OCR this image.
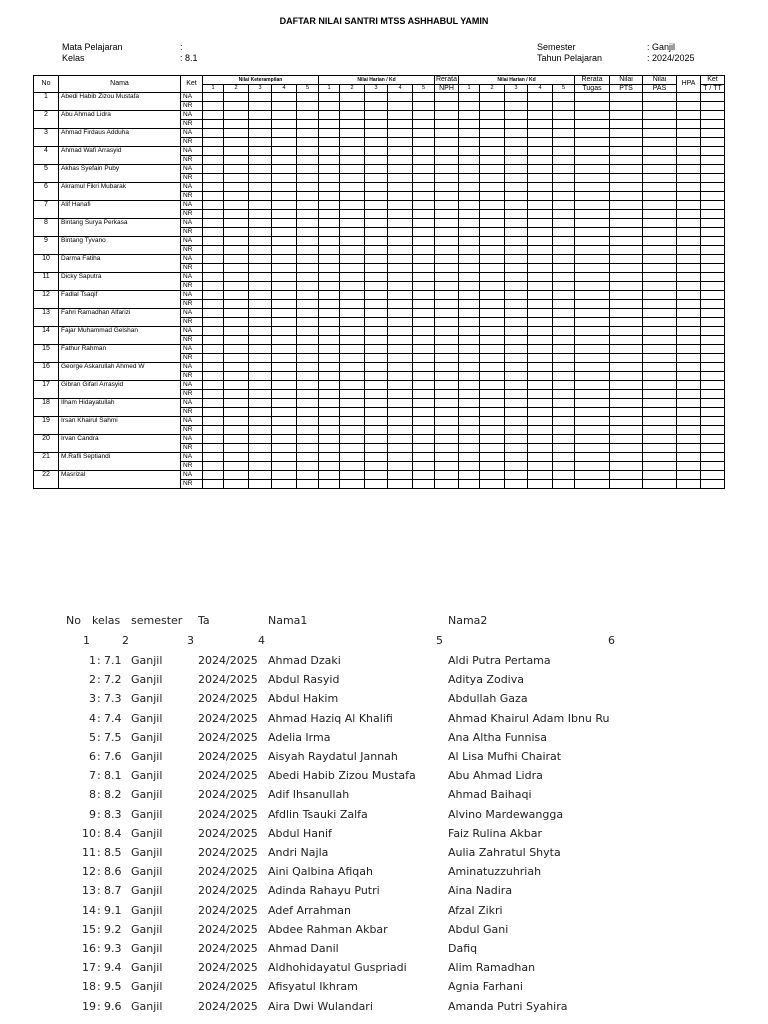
DAFTAR NILAI SANTRI MTSS ASHHABUL YAMIN
Mata Pelajaran	:
Kelas	: 8.1
Semester	: Ganjil
Tahun Pelajaran	: 2024/2025
No	Nama	Ket	Nilai Keterampilan					Nilai Harian / Kd					Rerata	Nilai Harian / Kd					Rerata	Nilai	Nilai	HPA	Ket
			1	2	3	4	5	1	2	3	4	5	NPH	1	2	3	4	5	Tugas	PTS	PAS		T / TT
1	Abedi Habib Zizou Mustafa	NA																					
		NR																					
2	Abu Ahmad Lidra	NA																					
		NR																					
3	Ahmad Firdaus Adduha	NA																					
		NR																					
4	Ahmad Wafi Arrasyid	NA																					
		NR																					
5	Akhas Syefain Puby	NA																					
		NR																					
6	Akramul Fikri Mubarak	NA																					
		NR																					
7	Alif Hanafi	NA																					
		NR																					
8	Bintang Surya Perkasa	NA																					
		NR																					
9	Bintang Tyvano	NA																					
		NR																					
10	Darma Fatiha	NA																					
		NR																					
11	Dicky Saputra	NA																					
		NR																					
12	Fadlal Tsaqif	NA																					
		NR																					
13	Fahri Ramadhan Alfarizi	NA																					
		NR																					
14	Fajar Muhammad Gelshan	NA																					
		NR																					
15	Fathur Rahman	NA																					
		NR																					
16	George Askarullah Ahmed W	NA																					
		NR																					
17	Gibran Gifari Arrasyid	NA																					
		NR																					
18	Ilham Hidayatullah	NA																					
		NR																					
19	Irsan Khairul Sahmi	NA																					
		NR																					
20	Irvan Candra	NA																					
		NR																					
21	M.Rafli Septiandi	NA																					
		NR																					
22	Masrizal	NA																					
		NR																					
No kelas semester Ta	Nama1	Nama2
1	2	3	4	5	6
1 : 7.1 Ganjil	2024/2025 Ahmad Dzaki	Aldi Putra Pertama
2 : 7.2 Ganjil	2024/2025 Abdul Rasyid	Aditya Zodiva
3 : 7.3 Ganjil	2024/2025 Abdul Hakim	Abdullah Gaza
4 : 7.4 Ganjil	2024/2025 Ahmad Haziq Al Khalifi	Ahmad Khairul Adam Ibnu Ru
5 : 7.5 Ganjil	2024/2025 Adelia Irma	Ana Altha Funnisa
6 : 7.6 Ganjil	2024/2025 Aisyah Raydatul Jannah	Al Lisa Mufhi Chairat
7 : 8.1 Ganjil	2024/2025 Abedi Habib Zizou Mustafa	Abu Ahmad Lidra
8 : 8.2 Ganjil	2024/2025 Adif Ihsanullah	Ahmad Baihaqi
9 : 8.3 Ganjil	2024/2025 Afdlin Tsauki Zalfa	Alvino Mardewangga
10 : 8.4 Ganjil	2024/2025 Abdul Hanif	Faiz Rulina Akbar
11 : 8.5 Ganjil	2024/2025 Andri Najla	Aulia Zahratul Shyta
12 : 8.6 Ganjil	2024/2025 Aini Qalbina Afiqah	Aminatuzzuhriah
13 : 8.7 Ganjil	2024/2025 Adinda Rahayu Putri	Aina Nadira
14 : 9.1 Ganjil	2024/2025 Adef Arrahman	Afzal Zikri
15 : 9.2 Ganjil	2024/2025 Abdee Rahman Akbar	Abdul Gani
16 : 9.3 Ganjil	2024/2025 Ahmad Danil	Dafiq
17 : 9.4 Ganjil	2024/2025 Aldhohidayatul Guspriadi	Alim Ramadhan
18 : 9.5 Ganjil	2024/2025 Afisyatul Ikhram	Agnia Farhani
19 : 9.6 Ganjil	2024/2025 Aira Dwi Wulandari	Amanda Putri Syahira
